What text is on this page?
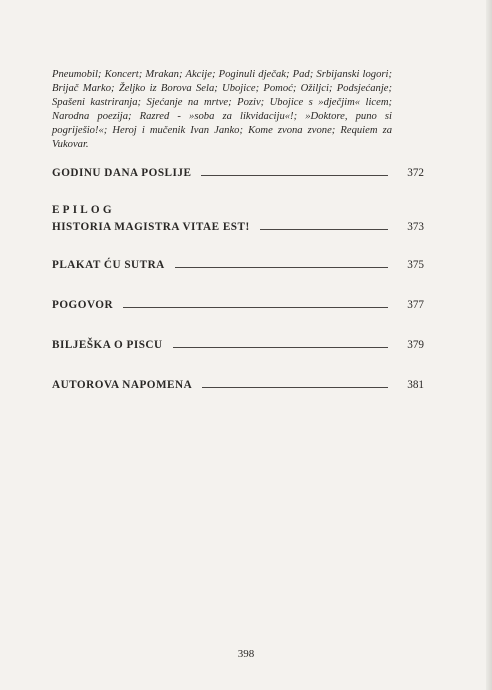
Pneumobil; Koncert; Mrakan; Akcije; Poginuli dječak; Pad; Srbijanski logori; Brijač Marko; Željko iz Borova Sela; Ubojice; Pomoć; Ožiljci; Podsjećanje; Spašeni kastriranja; Sjećanje na mrtve; Poziv; Ubojice s »dječjim« licem; Narodna poezija; Razred - »soba za likvidaciju«!; »Doktore, puno si pogriješio!«; Heroj i mučenik Ivan Janko; Kome zvona zvone; Requiem za Vukovar.

GODINU DANA POSLIJE	372
EPILOG
HISTORIA MAGISTRA VITAE EST!	373
PLAKAT ĆU SUTRA	375
POGOVOR	377
BILJEŠKA O PISCU	379
AUTOROVA NAPOMENA	381
398
